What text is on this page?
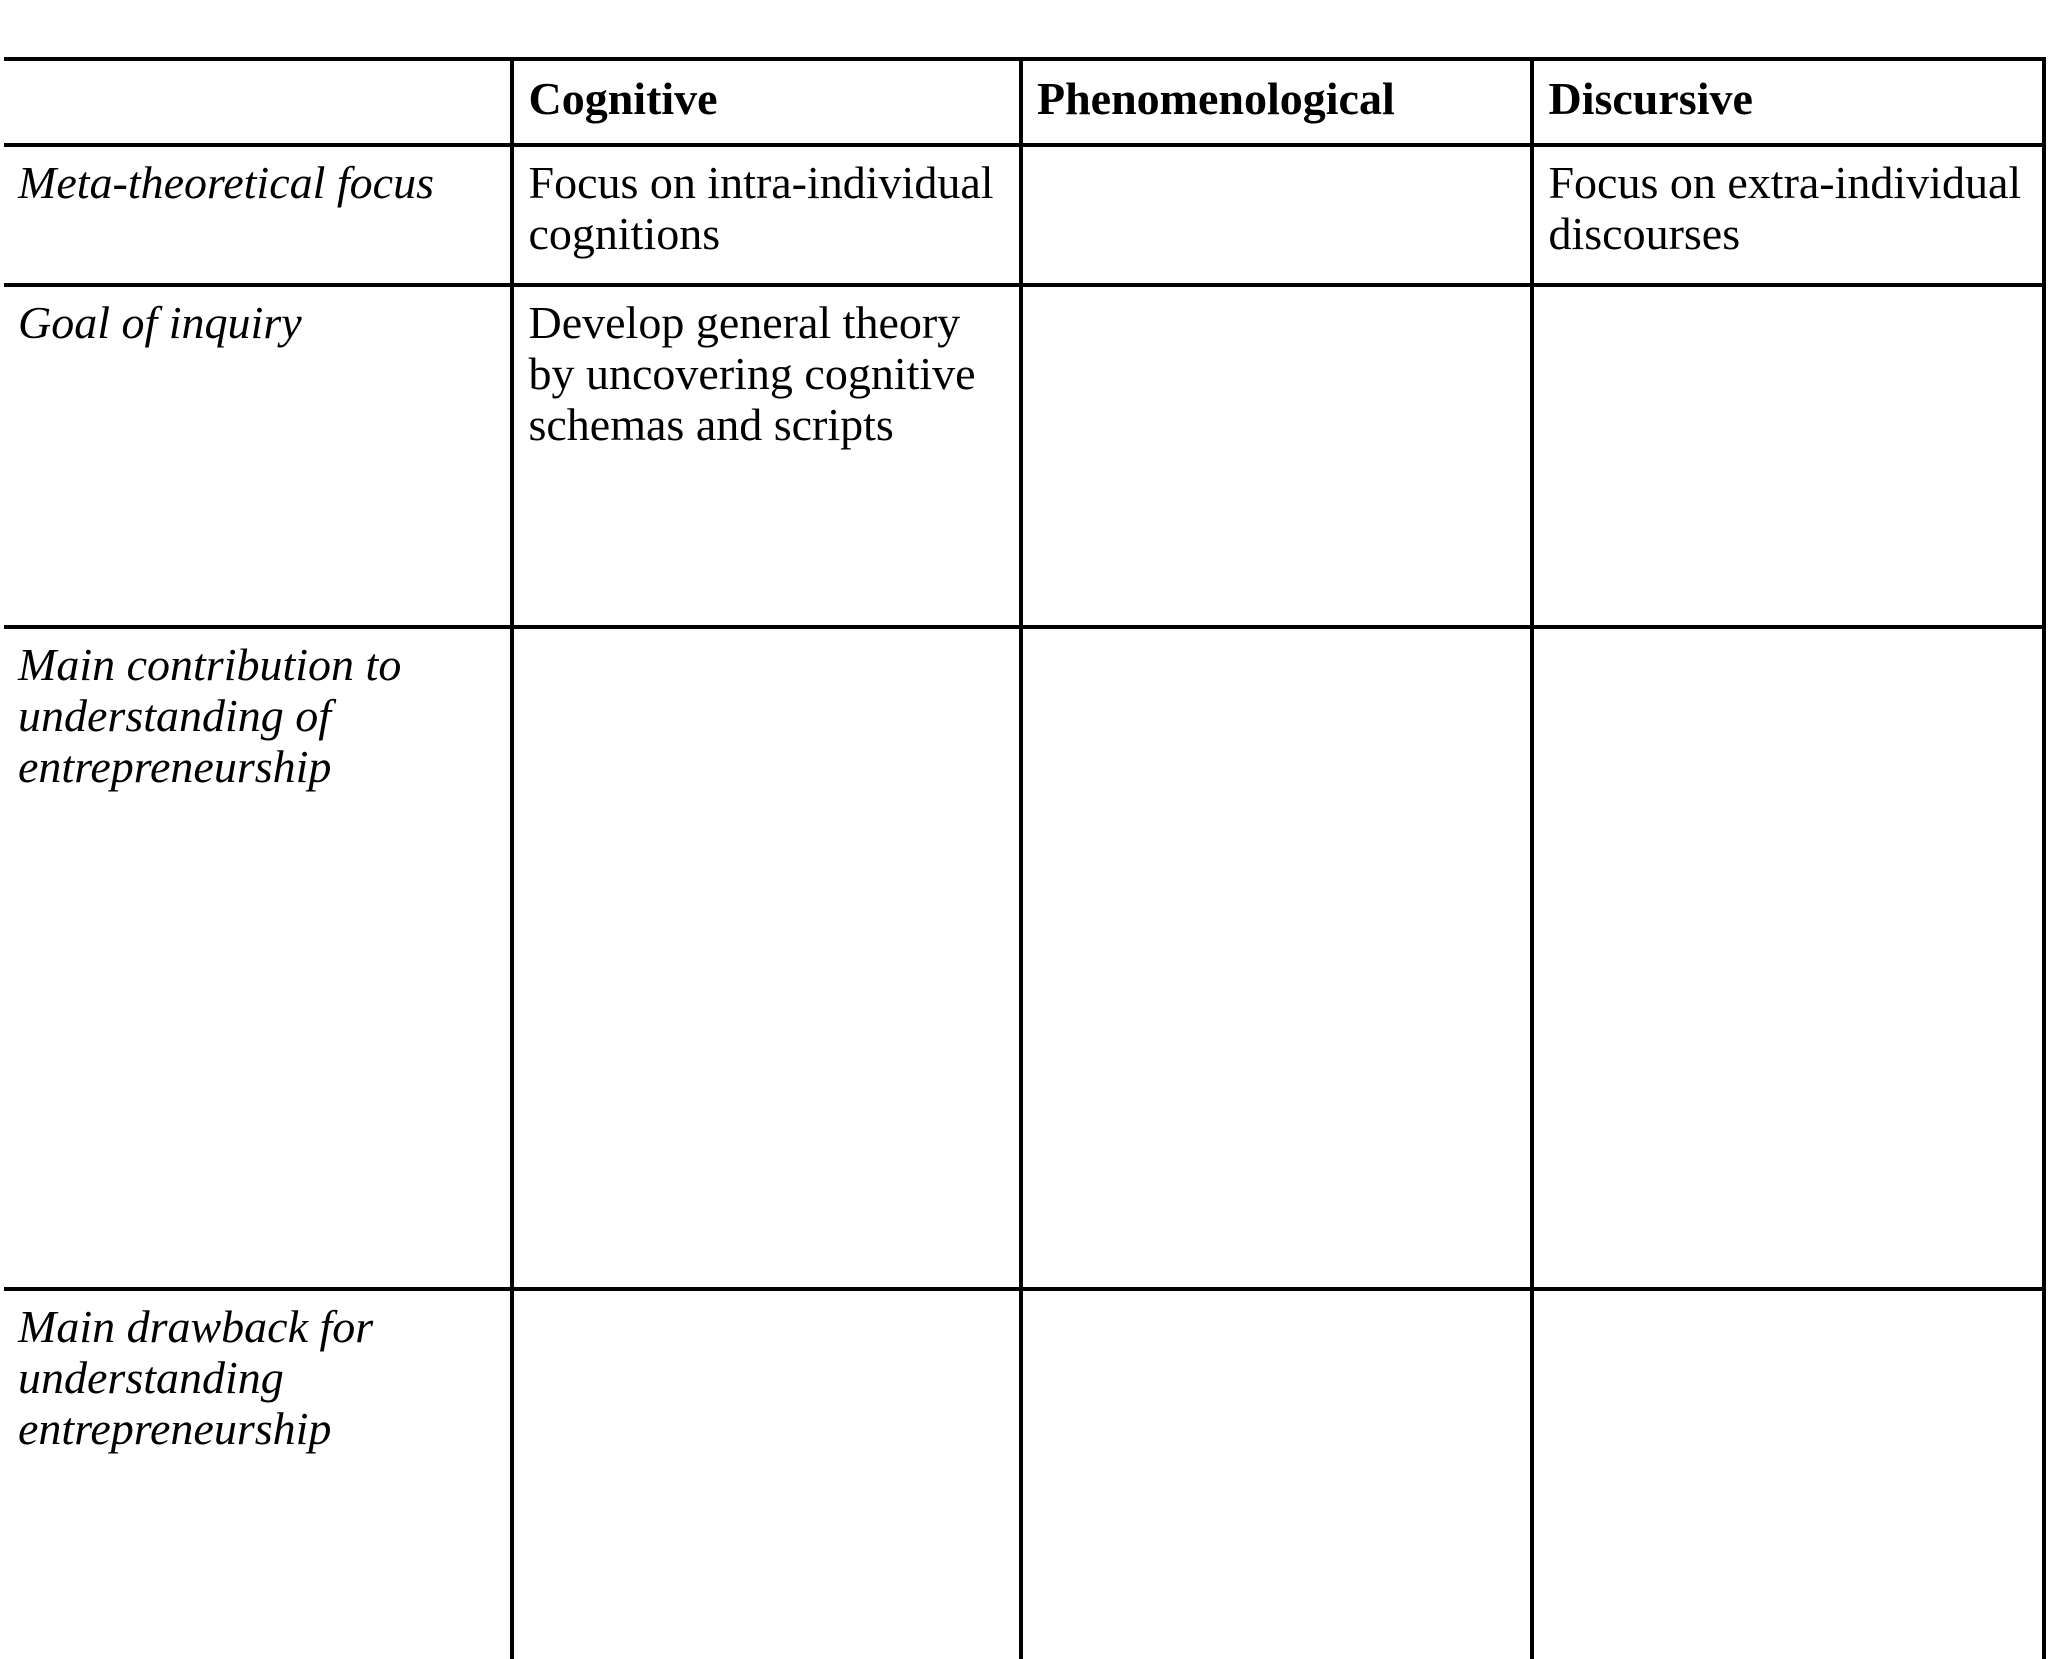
	Cognitive	Phenomenological	Discursive
Meta-theoretical focus	Focus on intra-individual cognitions		Focus on extra-individual discourses
Goal of inquiry	Develop general theory by uncovering cognitive schemas and scripts		
Main contribution to understanding of entrepreneurship			
Main drawback for understanding entrepreneurship			
